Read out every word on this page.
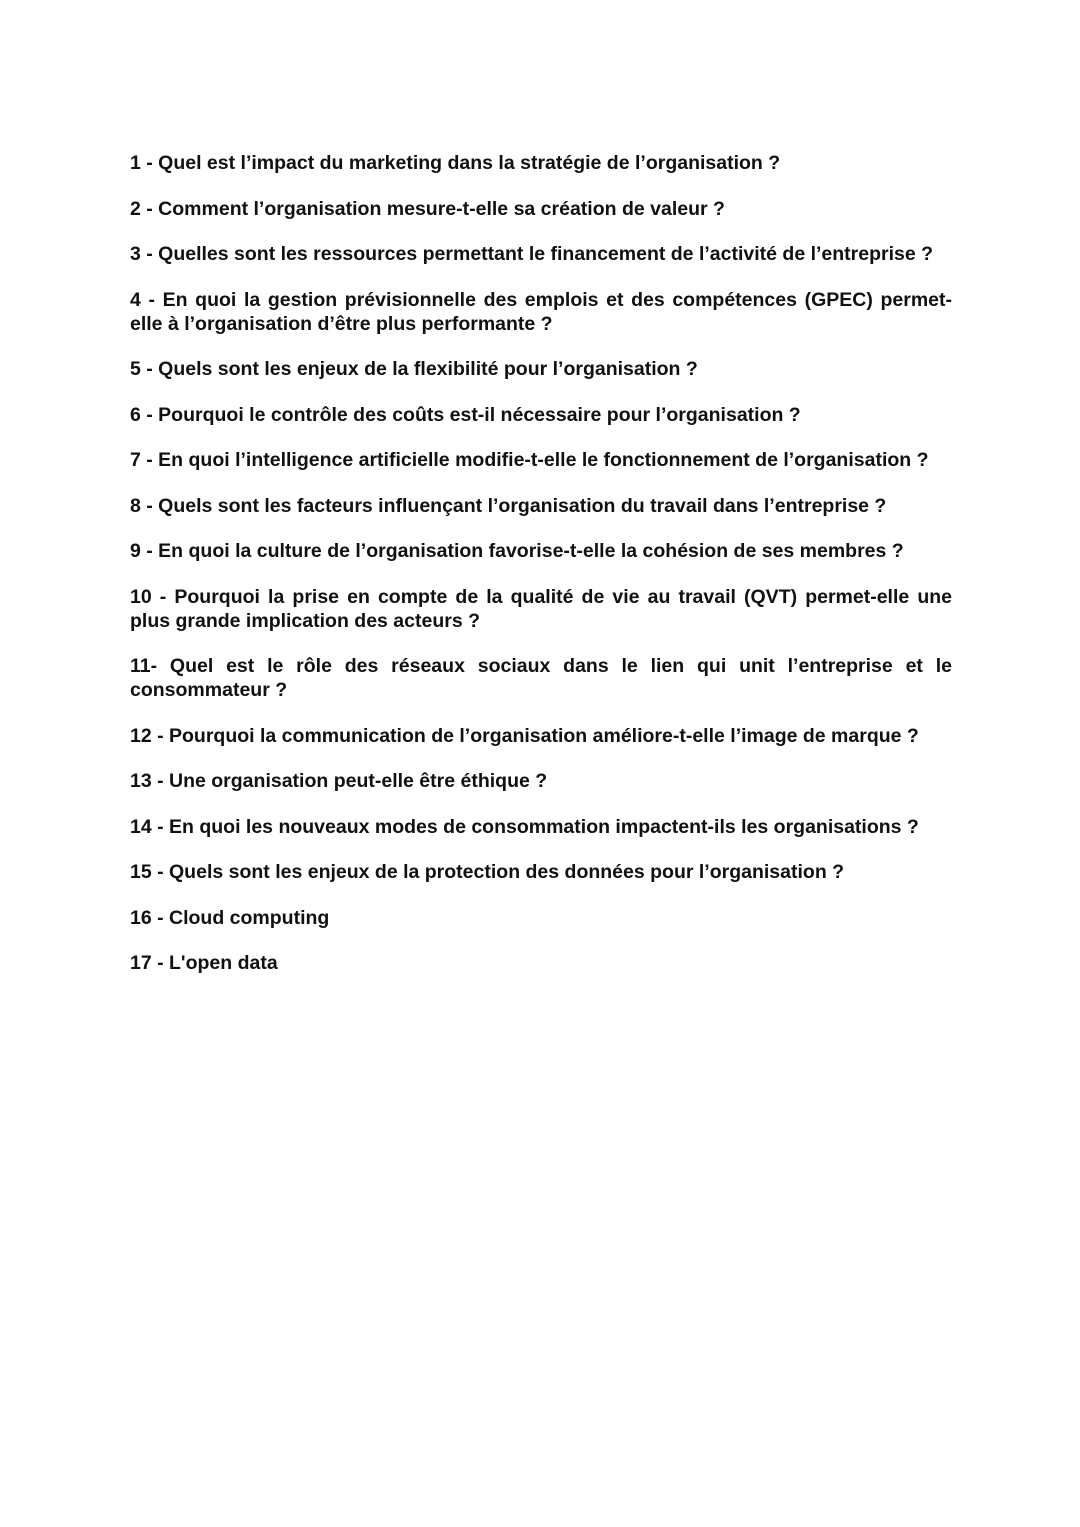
1 - Quel est l’impact du marketing dans la stratégie de l’organisation ?

2 - Comment l’organisation mesure-t-elle sa création de valeur ?

3 - Quelles sont les ressources permettant le financement de l’activité de l’entreprise ?

4 - En quoi la gestion prévisionnelle des emplois et des compétences (GPEC) permet-elle à l’organisation d’être plus performante ?

5 - Quels sont les enjeux de la flexibilité pour l’organisation ?

6 - Pourquoi le contrôle des coûts est-il nécessaire pour l’organisation ?

7 - En quoi l’intelligence artificielle modifie-t-elle le fonctionnement de l’organisation ?

8 - Quels sont les facteurs influençant l’organisation du travail dans l’entreprise ?

9 - En quoi la culture de l’organisation favorise-t-elle la cohésion de ses membres ?

10 - Pourquoi la prise en compte de la qualité de vie au travail (QVT) permet-elle une plus grande implication des acteurs ?

11- Quel est le rôle des réseaux sociaux dans le lien qui unit l’entreprise et le consommateur ?

12 - Pourquoi la communication de l’organisation améliore-t-elle l’image de marque ?

13 - Une organisation peut-elle être éthique ?

14 - En quoi les nouveaux modes de consommation impactent-ils les organisations ?

15 - Quels sont les enjeux de la protection des données pour l’organisation ?

16 - Cloud computing

17 - L'open data
